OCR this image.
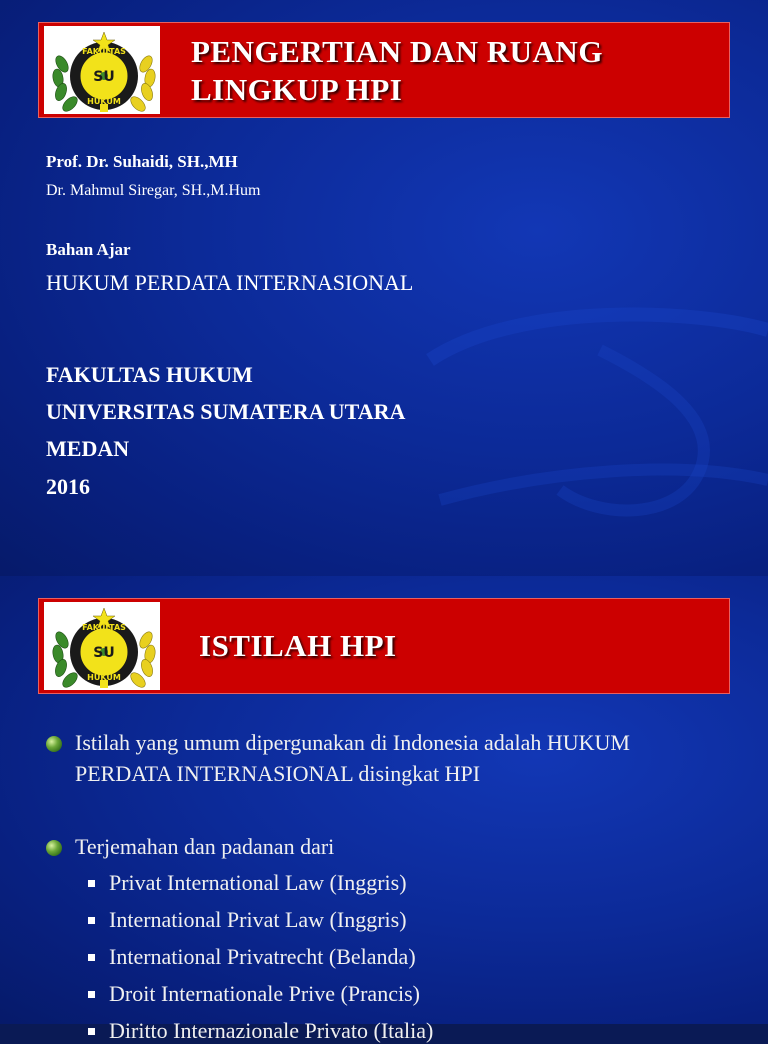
FAKULTAS
SU
HUKUM
PENGERTIAN DAN RUANG
LINGKUP HPI
Prof. Dr. Suhaidi, SH.,MH
Dr. Mahmul Siregar, SH.,M.Hum
Bahan Ajar
HUKUM PERDATA INTERNASIONAL
FAKULTAS HUKUM
UNIVERSITAS SUMATERA UTARA
MEDAN
2016
FAKULTAS
SU
HUKUM
ISTILAH HPI
Istilah yang umum dipergunakan di Indonesia adalah HUKUM
PERDATA INTERNASIONAL disingkat HPI
Terjemahan dan padanan dari
Privat International Law (Inggris)
International Privat Law (Inggris)
International Privatrecht (Belanda)
Droit Internationale Prive (Prancis)
Diritto Internazionale Privato (Italia)
